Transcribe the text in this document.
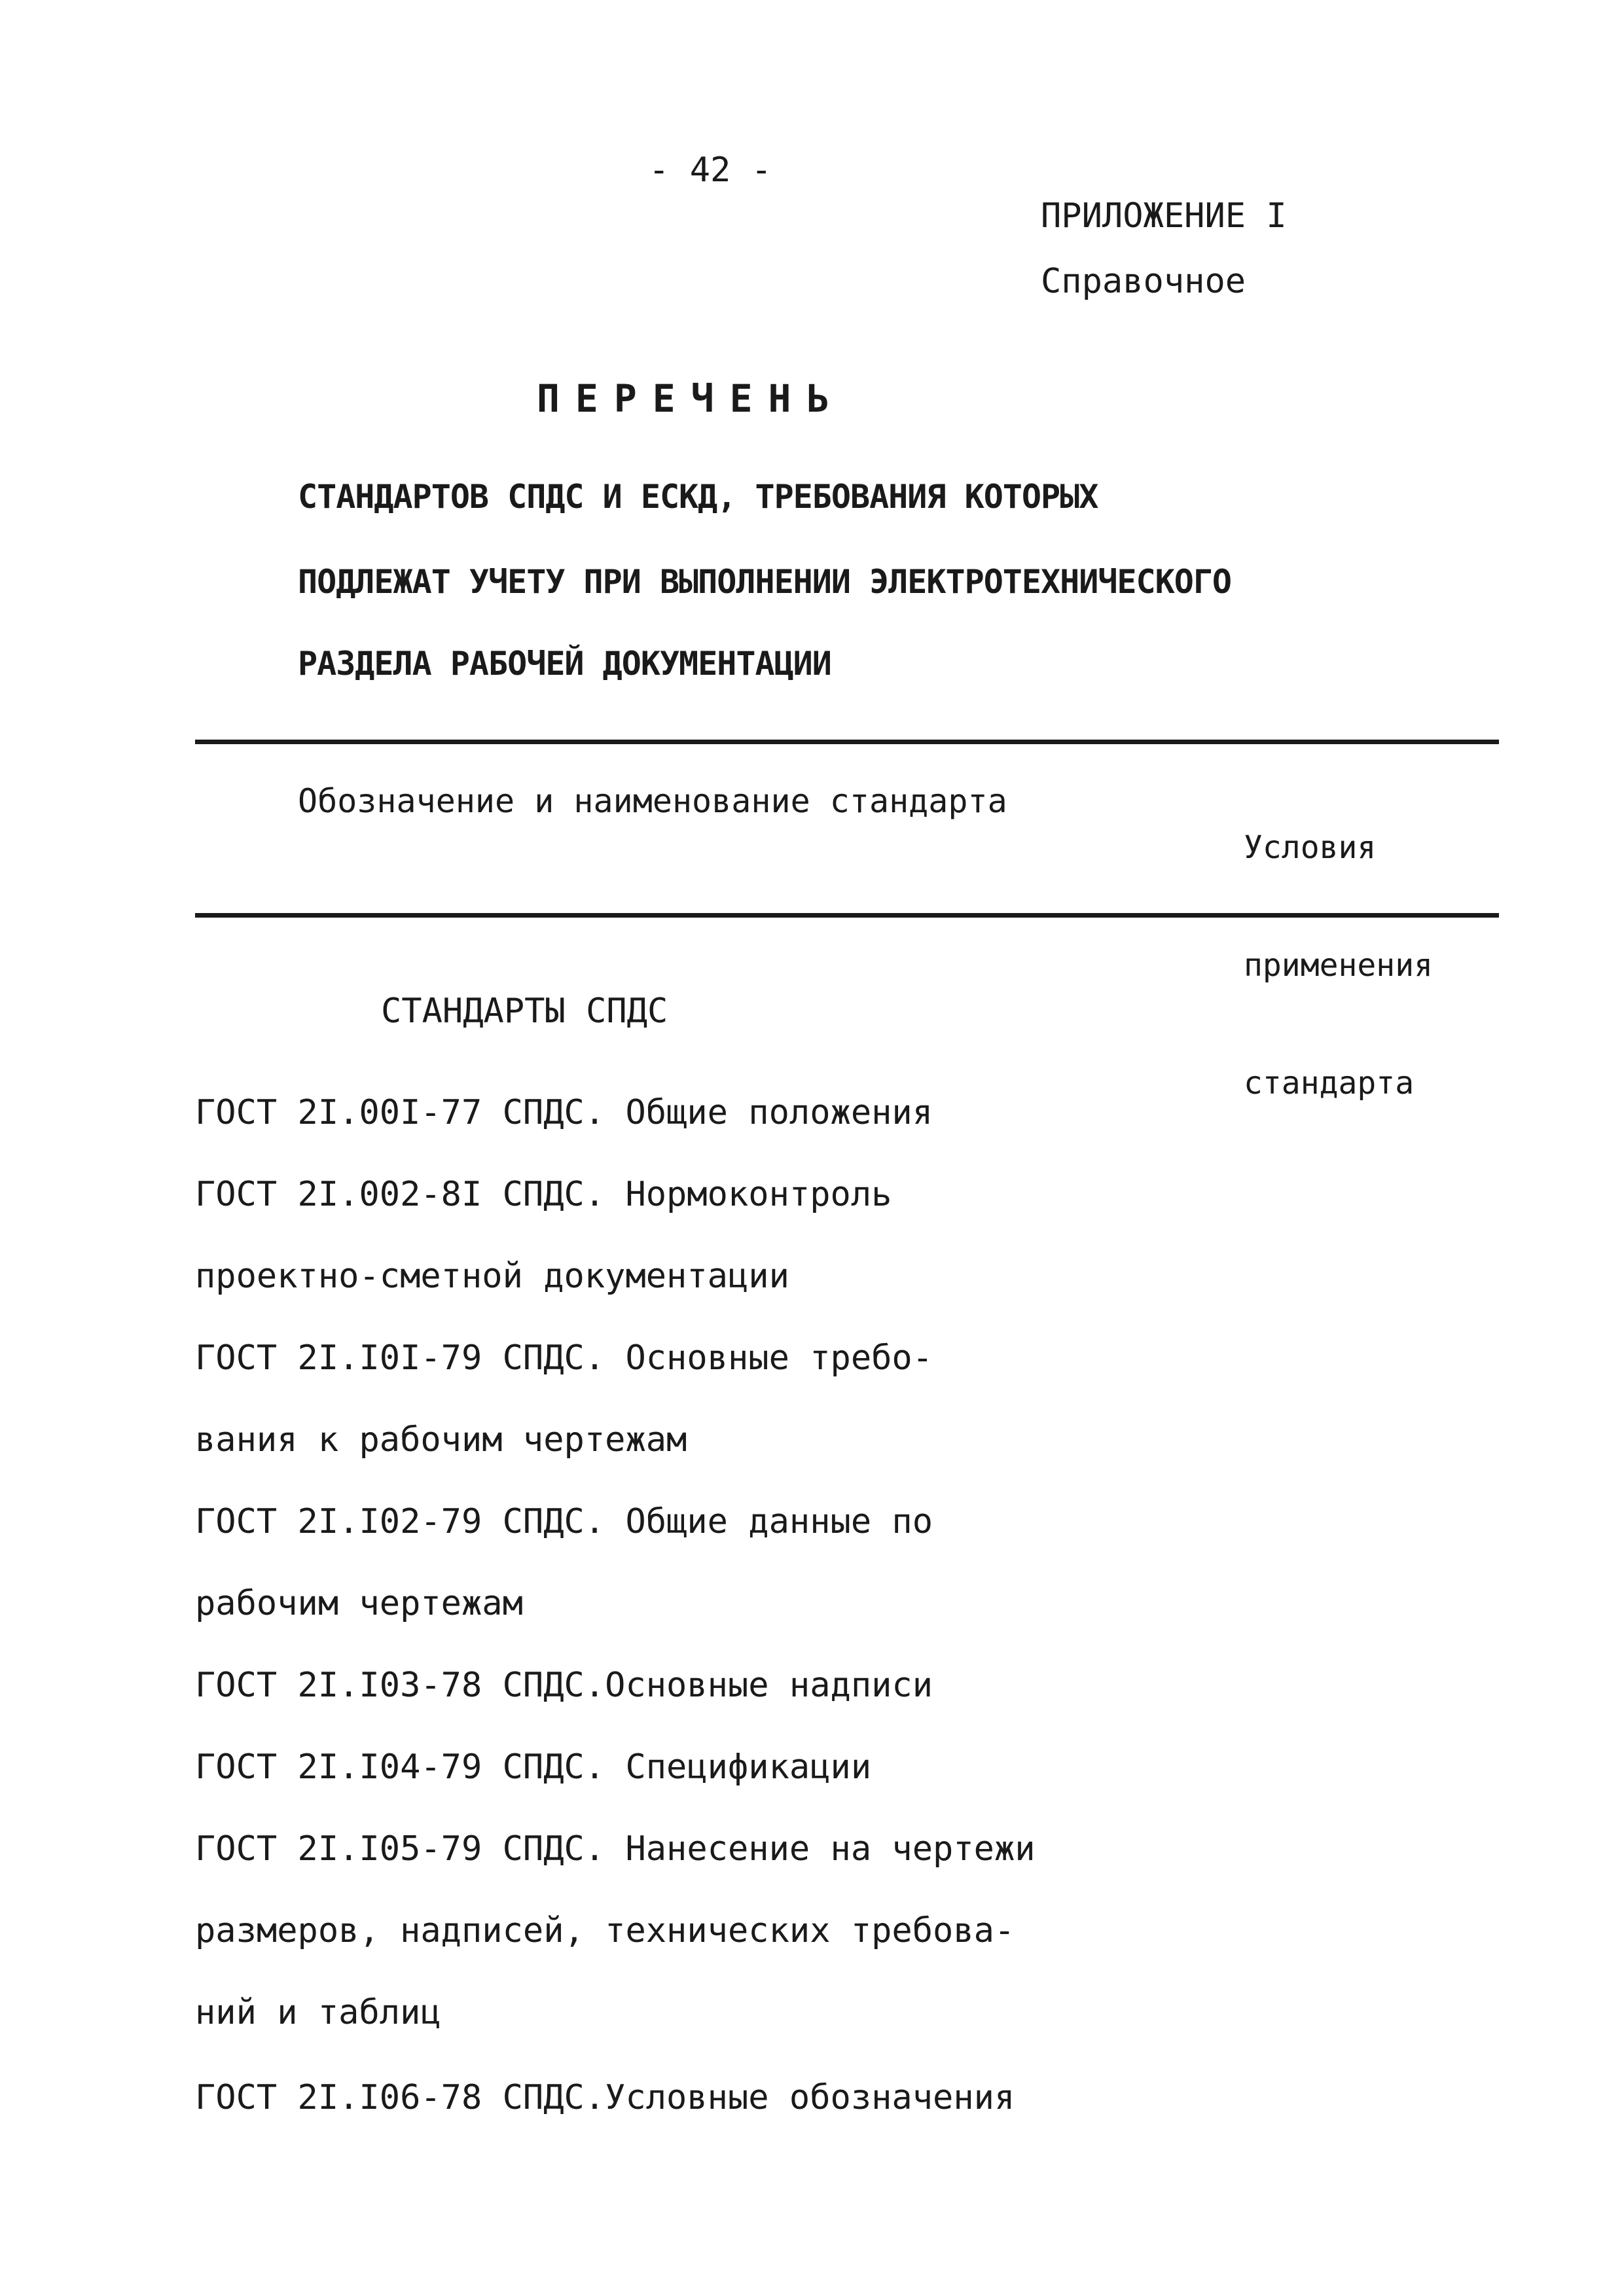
- 42 -
ПРИЛОЖЕНИЕ I
Справочное
ПЕРЕЧЕНЬ
СТАНДАРТОВ СПДС И ЕСКД, ТРЕБОВАНИЯ КОТОРЫХ
ПОДЛЕЖАТ УЧЕТУ ПРИ ВЫПОЛНЕНИИ ЭЛЕКТРОТЕХНИЧЕСКОГО
РАЗДЕЛА РАБОЧЕЙ ДОКУМЕНТАЦИИ
Обозначение и наименование стандарта

Условия

применения

стандарта

СТАНДАРТЫ СПДС
ГОСТ 2I.00I-77 СПДС. Общие положения
ГОСТ 2I.002-8I СПДС. Нормоконтроль
проектно-сметной документации
ГОСТ 2I.I0I-79 СПДС. Основные требо-
вания к рабочим чертежам
ГОСТ 2I.I02-79 СПДС. Общие данные по
рабочим чертежам
ГОСТ 2I.I03-78 СПДС.Основные надписи
ГОСТ 2I.I04-79 СПДС. Спецификации
ГОСТ 2I.I05-79 СПДС. Нанесение на чертежи
размеров, надписей, технических требова-
ний и таблиц
ГОСТ 2I.I06-78 СПДС.Условные обозначения
